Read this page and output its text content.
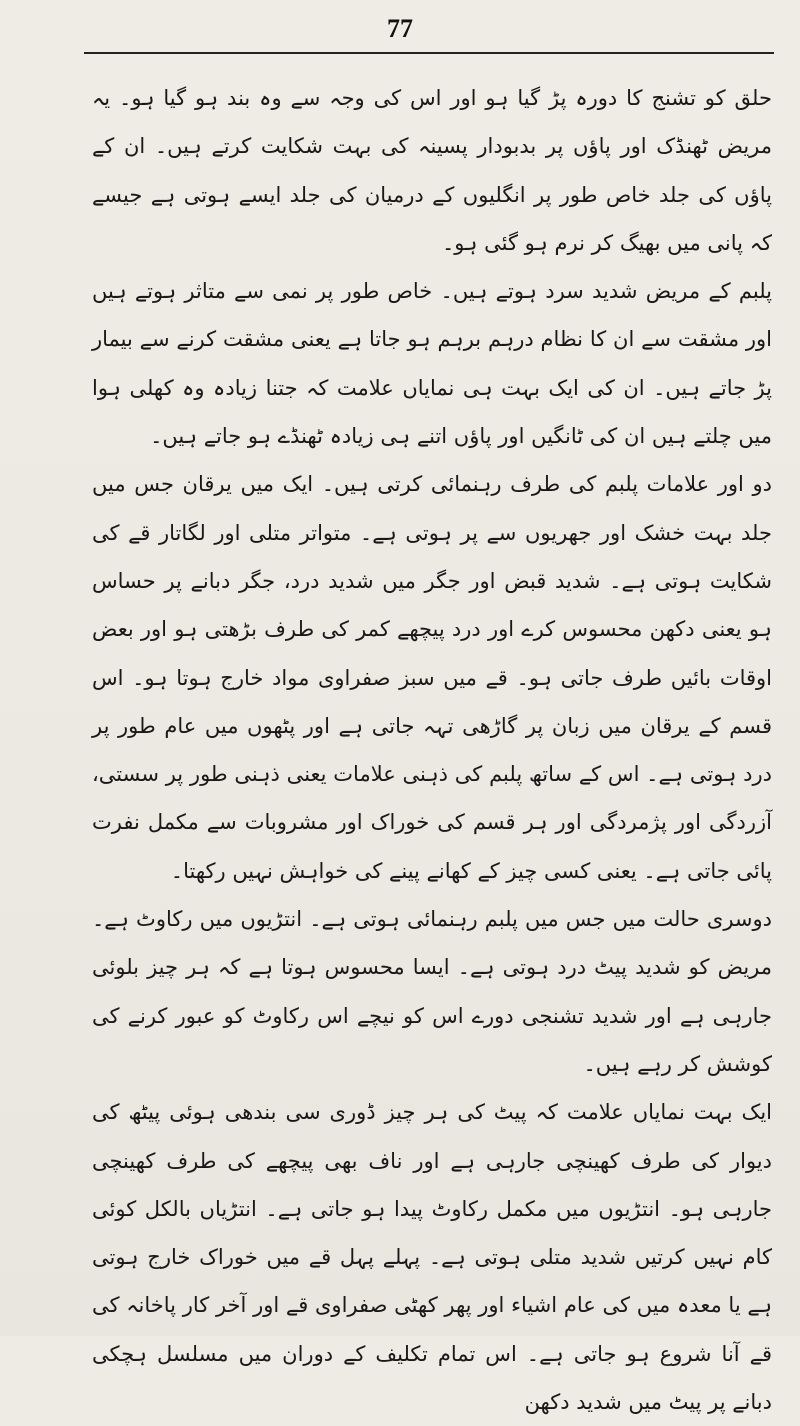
77

حلق کو تشنج کا دورہ پڑ گیا ہو اور اس کی وجہ سے وہ بند ہو گیا ہو۔ یہ مریض ٹھنڈک اور پاؤں پر بدبودار پسینہ کی بہت شکایت کرتے ہیں۔ ان کے پاؤں کی جلد خاص طور پر انگلیوں کے درمیان کی جلد ایسے ہوتی ہے جیسے کہ پانی میں بھیگ کر نرم ہو گئی ہو۔

پلبم کے مریض شدید سرد ہوتے ہیں۔ خاص طور پر نمی سے متاثر ہوتے ہیں اور مشقت سے ان کا نظام درہم برہم ہو جاتا ہے یعنی مشقت کرنے سے بیمار پڑ جاتے ہیں۔ ان کی ایک بہت ہی نمایاں علامت کہ جتنا زیادہ وہ کھلی ہوا میں چلتے ہیں ان کی ٹانگیں اور پاؤں اتنے ہی زیادہ ٹھنڈے ہو جاتے ہیں۔

دو اور علامات پلبم کی طرف رہنمائی کرتی ہیں۔ ایک میں یرقان جس میں جلد بہت خشک اور جھریوں سے پر ہوتی ہے۔ متواتر متلی اور لگاتار قے کی شکایت ہوتی ہے۔ شدید قبض اور جگر میں شدید درد، جگر دبانے پر حساس ہو یعنی دکھن محسوس کرے اور درد پیچھے کمر کی طرف بڑھتی ہو اور بعض اوقات بائیں طرف جاتی ہو۔ قے میں سبز صفراوی مواد خارج ہوتا ہو۔ اس قسم کے یرقان میں زبان پر گاڑھی تہہ جاتی ہے اور پٹھوں میں عام طور پر درد ہوتی ہے۔ اس کے ساتھ پلبم کی ذہنی علامات یعنی ذہنی طور پر سستی، آزردگی اور پژمردگی اور ہر قسم کی خوراک اور مشروبات سے مکمل نفرت پائی جاتی ہے۔ یعنی کسی چیز کے کھانے پینے کی خواہش نہیں رکھتا۔

دوسری حالت میں جس میں پلبم رہنمائی ہوتی ہے۔ انتڑیوں میں رکاوٹ ہے۔ مریض کو شدید پیٹ درد ہوتی ہے۔ ایسا محسوس ہوتا ہے کہ ہر چیز بلوئی جارہی ہے اور شدید تشنجی دورے اس کو نیچے اس رکاوٹ کو عبور کرنے کی کوشش کر رہے ہیں۔

ایک بہت نمایاں علامت کہ پیٹ کی ہر چیز ڈوری سی بندھی ہوئی پیٹھ کی دیوار کی طرف کھینچی جارہی ہے اور ناف بھی پیچھے کی طرف کھینچی جارہی ہو۔ انتڑیوں میں مکمل رکاوٹ پیدا ہو جاتی ہے۔ انتڑیاں بالکل کوئی کام نہیں کرتیں شدید متلی ہوتی ہے۔ پہلے پہل قے میں خوراک خارج ہوتی ہے یا معدہ میں کی عام اشیاء اور پھر کھٹی صفراوی قے اور آخر کار پاخانہ کی قے آنا شروع ہو جاتی ہے۔ اس تمام تکلیف کے دوران میں مسلسل ہچکی دبانے پر پیٹ میں شدید دکھن
